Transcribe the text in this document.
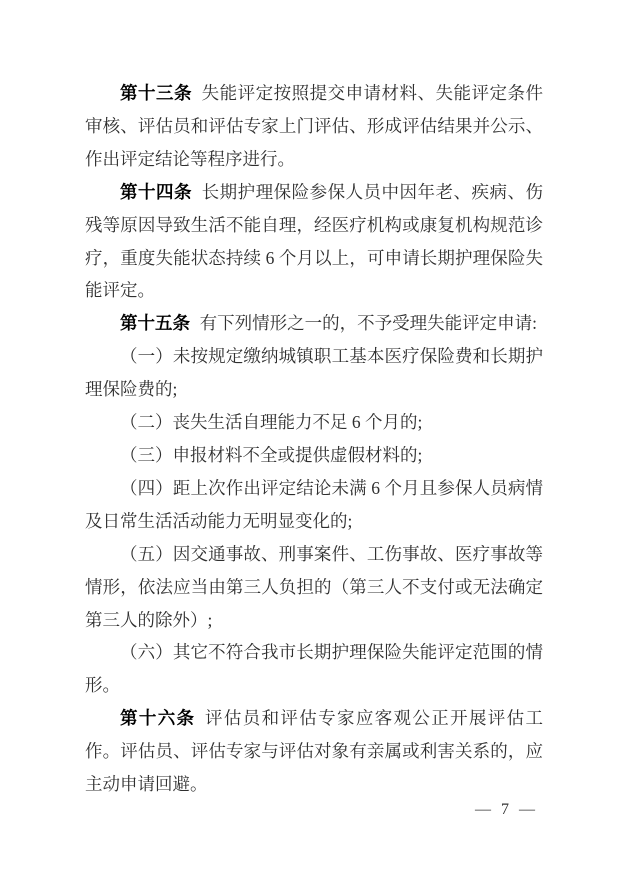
第十三条 失能评定按照提交申请材料、失能评定条件
审核、评估员和评估专家上门评估、形成评估结果并公示、
作出评定结论等程序进行。
第十四条 长期护理保险参保人员中因年老、疾病、伤
残等原因导致生活不能自理，经医疗机构或康复机构规范诊
疗，重度失能状态持续 6 个月以上，可申请长期护理保险失
能评定。
第十五条 有下列情形之一的，不予受理失能评定申请:
（一）未按规定缴纳城镇职工基本医疗保险费和长期护
理保险费的;
（二）丧失生活自理能力不足 6 个月的;
（三）申报材料不全或提供虚假材料的;
（四）距上次作出评定结论未满 6 个月且参保人员病情
及日常生活活动能力无明显变化的;
（五）因交通事故、刑事案件、工伤事故、医疗事故等
情形，依法应当由第三人负担的（第三人不支付或无法确定
第三人的除外）;
（六）其它不符合我市长期护理保险失能评定范围的情
形。
第十六条 评估员和评估专家应客观公正开展评估工
作。评估员、评估专家与评估对象有亲属或利害关系的，应
主动申请回避。
— 7 —
